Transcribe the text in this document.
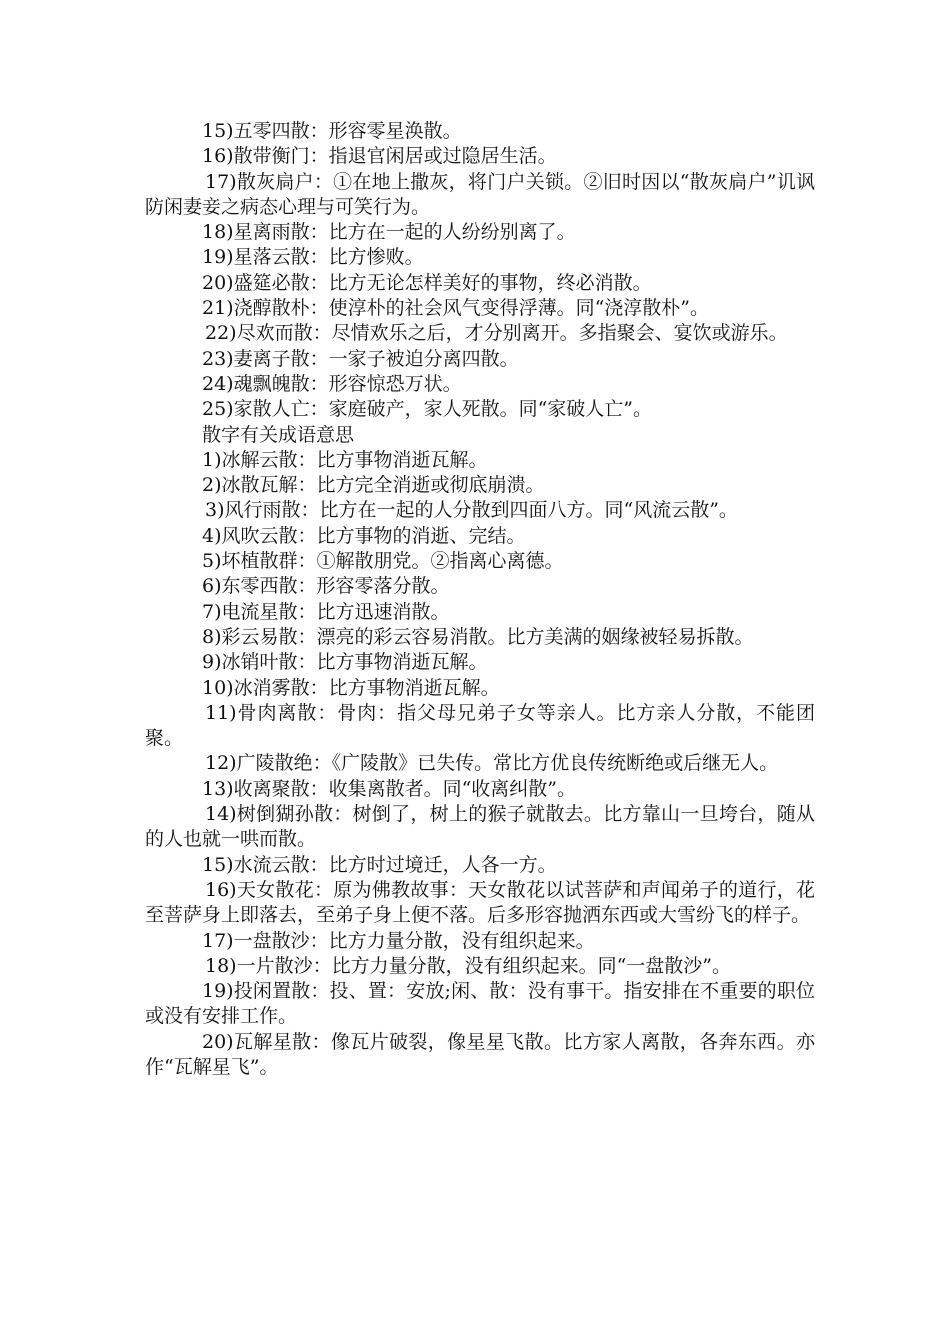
15)五零四散：形容零星涣散。

16)散带衡门：指退官闲居或过隐居生活。

17)散灰扃户：①在地上撒灰，将门户关锁。②旧时因以“散灰扃户”讥讽防闲妻妾之病态心理与可笑行为。

18)星离雨散：比方在一起的人纷纷别离了。

19)星落云散：比方惨败。

20)盛筵必散：比方无论怎样美好的事物，终必消散。

21)浇醇散朴：使淳朴的社会风气变得浮薄。同“浇淳散朴”。

22)尽欢而散：尽情欢乐之后，才分别离开。多指聚会、宴饮或游乐。

23)妻离子散：一家子被迫分离四散。

24)魂飘魄散：形容惊恐万状。

25)家散人亡：家庭破产，家人死散。同“家破人亡”。

散字有关成语意思

1)冰解云散：比方事物消逝瓦解。

2)冰散瓦解：比方完全消逝或彻底崩溃。

3)风行雨散：比方在一起的人分散到四面八方。同“风流云散”。

4)风吹云散：比方事物的消逝、完结。

5)坏植散群：①解散朋党。②指离心离德。

6)东零西散：形容零落分散。

7)电流星散：比方迅速消散。

8)彩云易散：漂亮的彩云容易消散。比方美满的姻缘被轻易拆散。

9)冰销叶散：比方事物消逝瓦解。

10)冰消雾散：比方事物消逝瓦解。

11)骨肉离散：骨肉：指父母兄弟子女等亲人。比方亲人分散，不能团聚。

12)广陵散绝：《广陵散》已失传。常比方优良传统断绝或后继无人。

13)收离聚散：收集离散者。同“收离纠散”。

14)树倒猢孙散：树倒了，树上的猴子就散去。比方靠山一旦垮台，随从的人也就一哄而散。

15)水流云散：比方时过境迁，人各一方。

16)天女散花：原为佛教故事：天女散花以试菩萨和声闻弟子的道行，花至菩萨身上即落去，至弟子身上便不落。后多形容抛洒东西或大雪纷飞的样子。

17)一盘散沙：比方力量分散，没有组织起来。

18)一片散沙：比方力量分散，没有组织起来。同“一盘散沙”。

19)投闲置散：投、置：安放;闲、散：没有事干。指安排在不重要的职位或没有安排工作。

20)瓦解星散：像瓦片破裂，像星星飞散。比方家人离散，各奔东西。亦作“瓦解星飞”。
